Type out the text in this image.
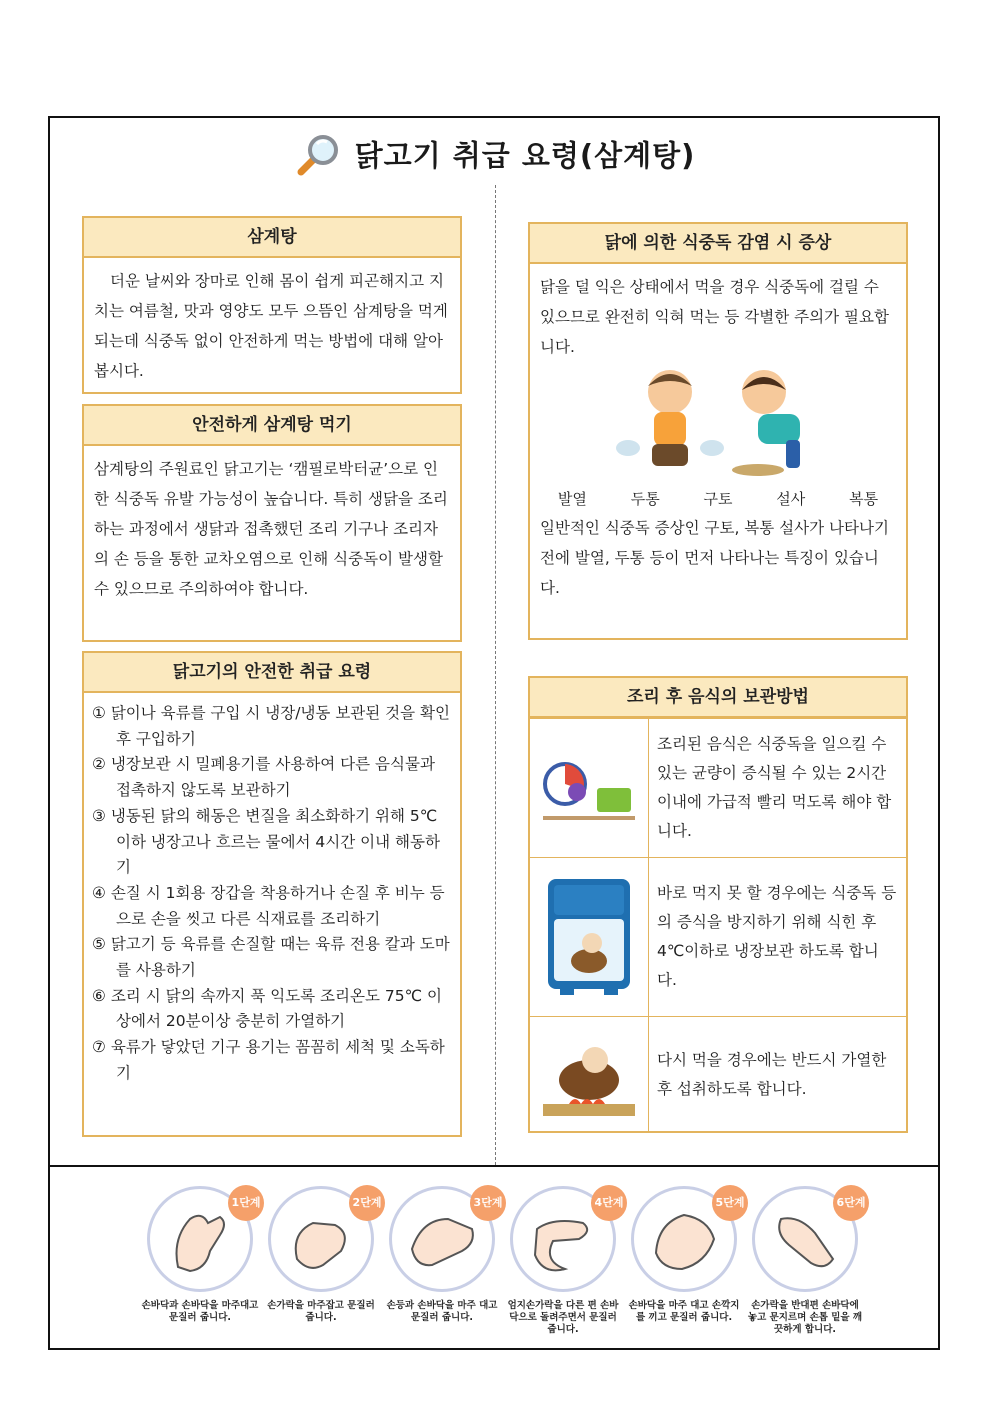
닭고기 취급 요령(삼계탕)
삼계탕
더운 날씨와 장마로 인해 몸이 쉽게 피곤해지고 지치는 여름철, 맛과 영양도 모두 으뜸인 삼계탕을 먹게 되는데 식중독 없이 안전하게 먹는 방법에 대해 알아봅시다.
안전하게 삼계탕 먹기
삼계탕의 주원료인 닭고기는 ‘캠필로박터균’으로 인한 식중독 유발 가능성이 높습니다. 특히 생닭을 조리하는 과정에서 생닭과 접촉했던 조리 기구나 조리자의 손 등을 통한 교차오염으로 인해 식중독이 발생할 수 있으므로 주의하여야 합니다.
닭고기의 안전한 취급 요령
① 닭이나 육류를 구입 시 냉장/냉동 보관된 것을 확인 후 구입하기
② 냉장보관 시 밀폐용기를 사용하여 다른 음식물과 접촉하지 않도록 보관하기
③ 냉동된 닭의 해동은 변질을 최소화하기 위해 5℃이하 냉장고나 흐르는 물에서 4시간 이내 해동하기
④ 손질 시 1회용 장갑을 착용하거나 손질 후 비누 등으로 손을 씻고 다른 식재료를 조리하기
⑤ 닭고기 등 육류를 손질할 때는 육류 전용 칼과 도마를 사용하기
⑥ 조리 시 닭의 속까지 푹 익도록 조리온도 75℃ 이상에서 20분이상 충분히 가열하기
⑦ 육류가 닿았던 기구 용기는 꼼꼼히 세척 및 소독하기
닭에 의한 식중독 감염 시 증상
닭을 덜 익은 상태에서 먹을 경우 식중독에 걸릴 수 있으므로 완전히 익혀 먹는 등 각별한 주의가 필요합니다.
발열	두통	구토	설사	복통
일반적인 식중독 증상인 구토, 복통 설사가 나타나기 전에 발열, 두통 등이 먼저 나타나는 특징이 있습니다.
조리 후 음식의 보관방법
조리된 음식은 식중독을 일으킬 수 있는 균량이 증식될 수 있는 2시간 이내에 가급적 빨리 먹도록 해야 합니다.
바로 먹지 못 할 경우에는 식중독 등의 증식을 방지하기 위해 식힌 후 4℃이하로 냉장보관 하도록 합니다.
다시 먹을 경우에는 반드시 가열한 후 섭취하도록 합니다.
1단계
손바닥과 손바닥을 마주대고 문질러 줍니다.
2단계
손가락을 마주잡고 문질러 줍니다.
3단계
손등과 손바닥을 마주 대고 문질러 줍니다.
4단계
엄지손가락을 다른 편 손바닥으로 돌려주면서 문질러 줍니다.
5단계
손바닥을 마주 대고 손깍지를 끼고 문질러 줍니다.
6단계
손가락을 반대편 손바닥에 놓고 문지르며 손톱 밑을 깨끗하게 합니다.
